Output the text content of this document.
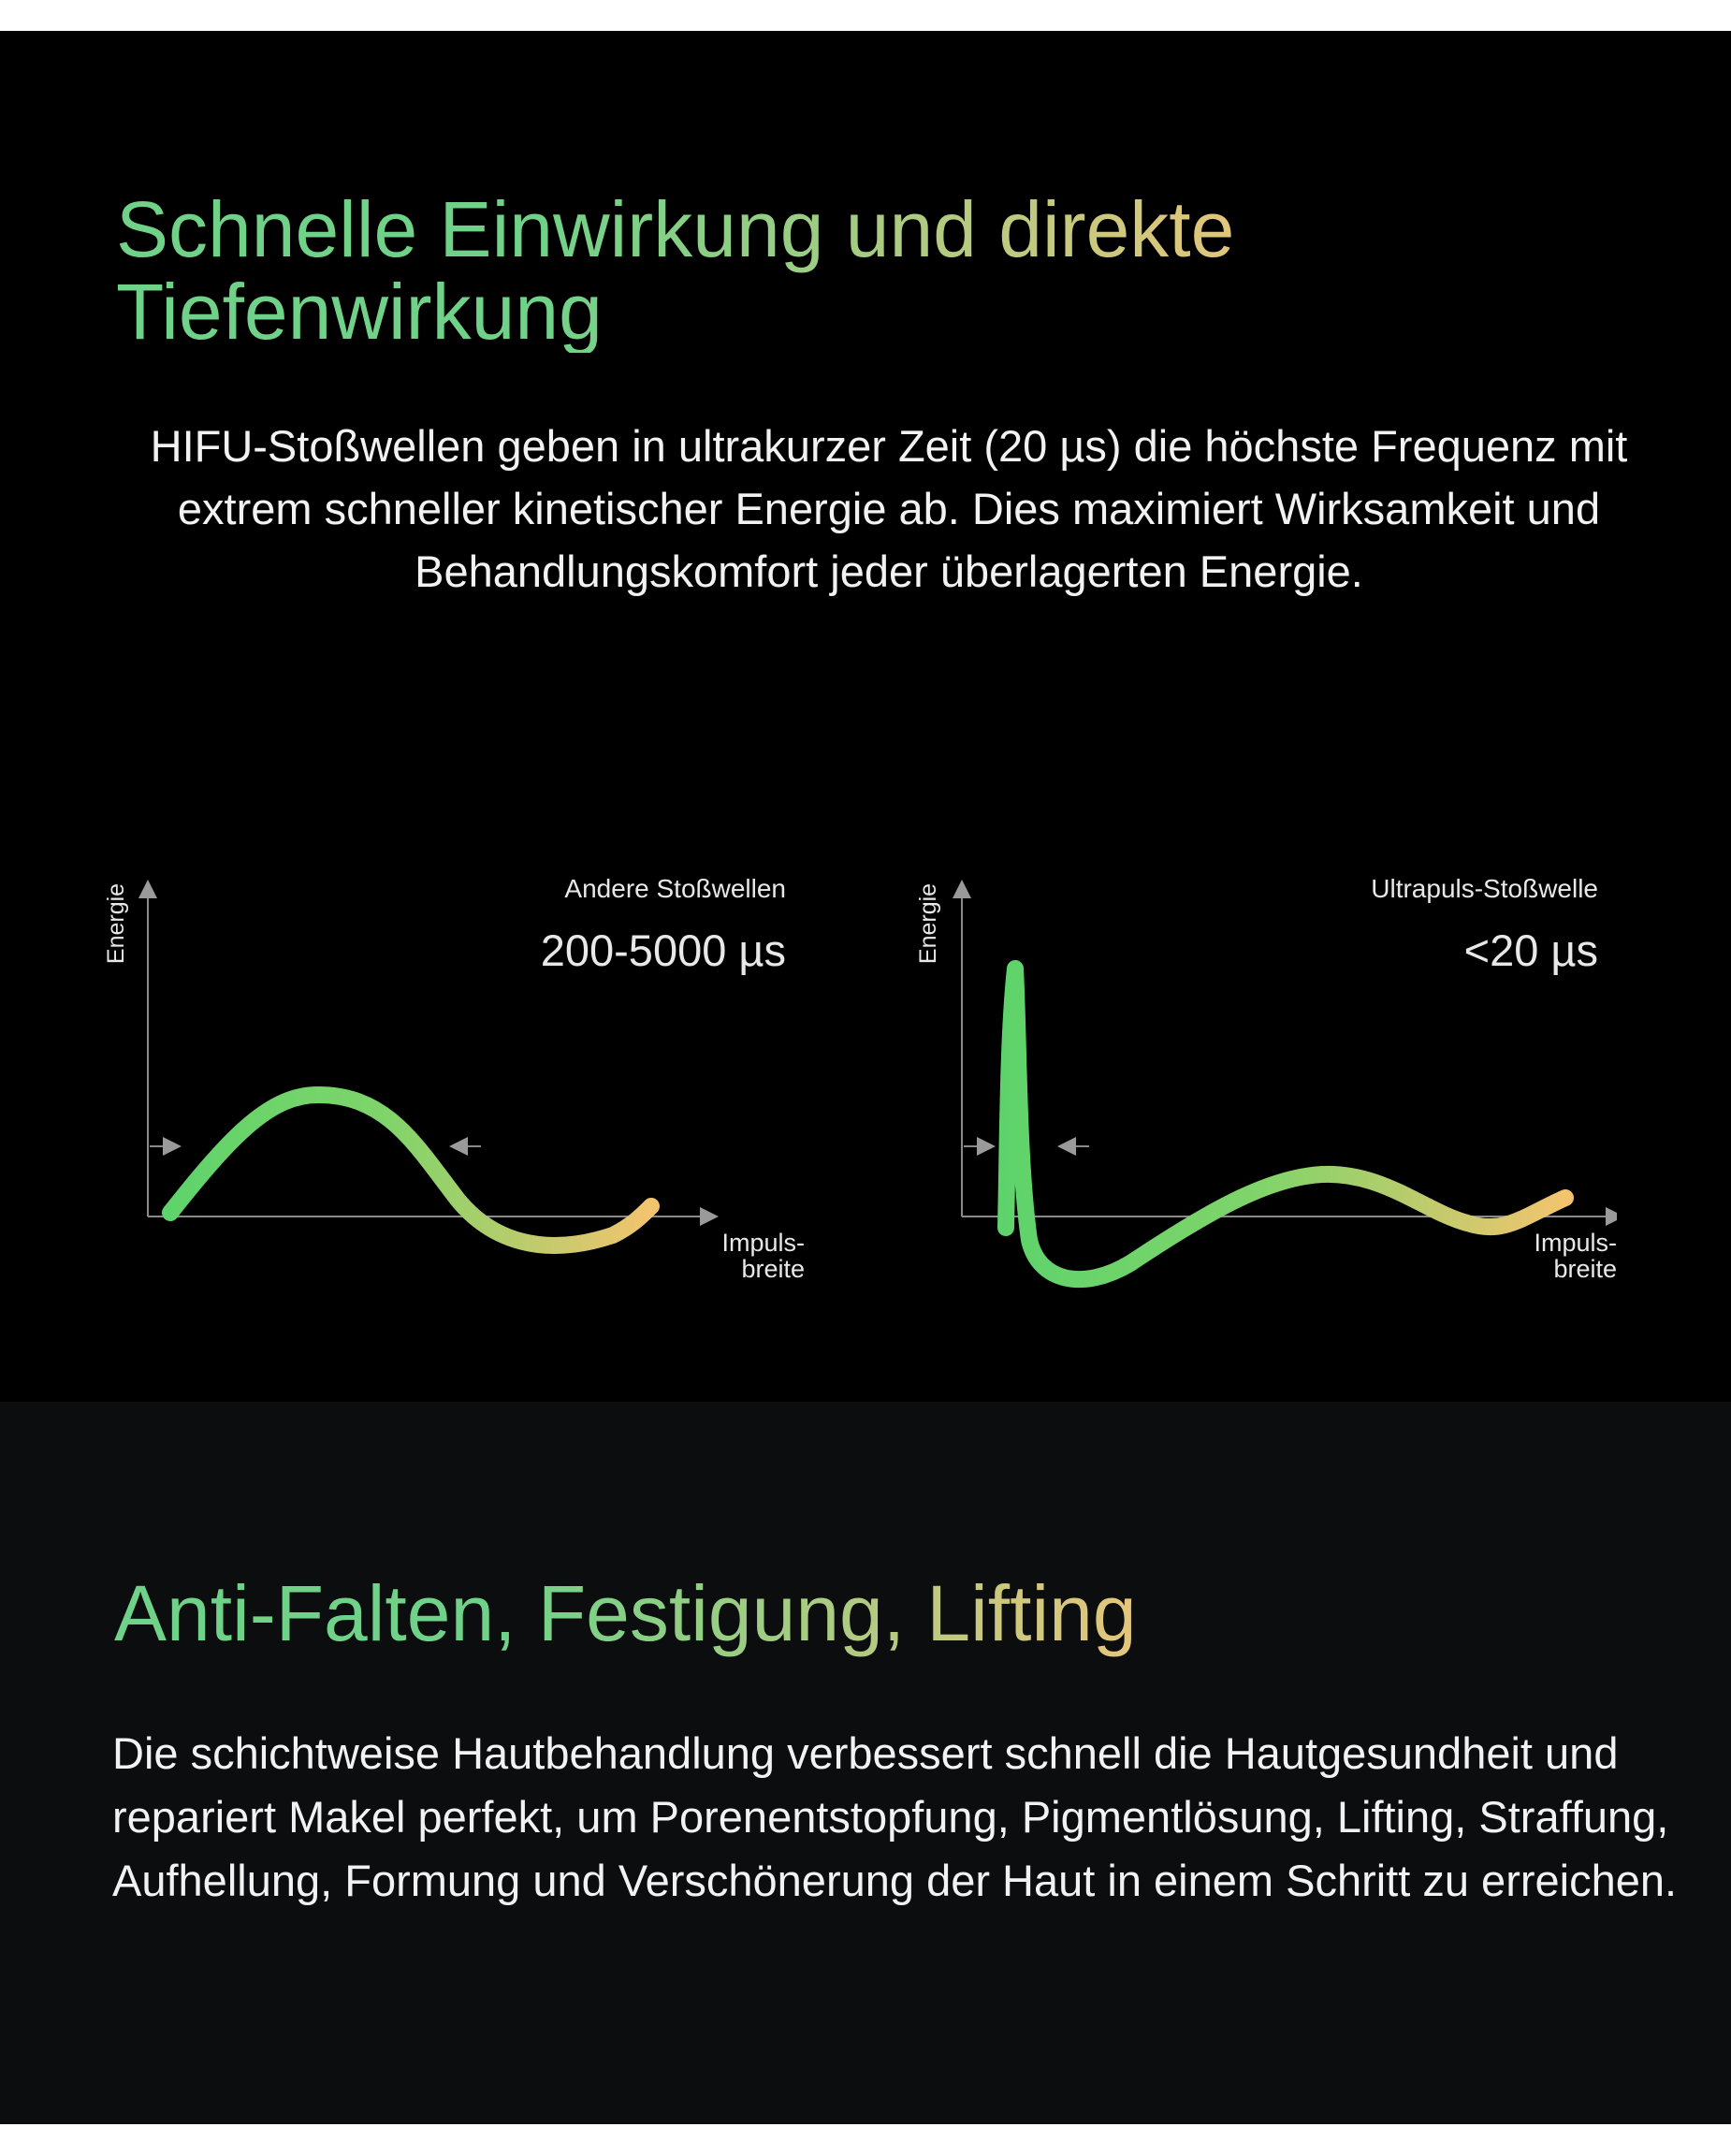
Schnelle Einwirkung und direkte Tiefenwirkung

HIFU-Stoßwellen geben in ultrakurzer Zeit (20 µs) die höchste Frequenz mit extrem schneller kinetischer Energie ab. Dies maximiert Wirksamkeit und Behandlungskomfort jeder überlagerten Energie.

Andere Stoßwellen
200-5000 µs
Energie
Impuls-
breite
Ultrapuls-Stoßwelle
<20 µs
Energie
Impuls-
breite
Anti-Falten, Festigung, Lifting

Die schichtweise Hautbehandlung verbessert schnell die Hautgesundheit und repariert Makel perfekt, um Porenentstopfung, Pigmentlösung, Lifting, Straffung, Aufhellung, Formung und Verschönerung der Haut in einem Schritt zu erreichen.
